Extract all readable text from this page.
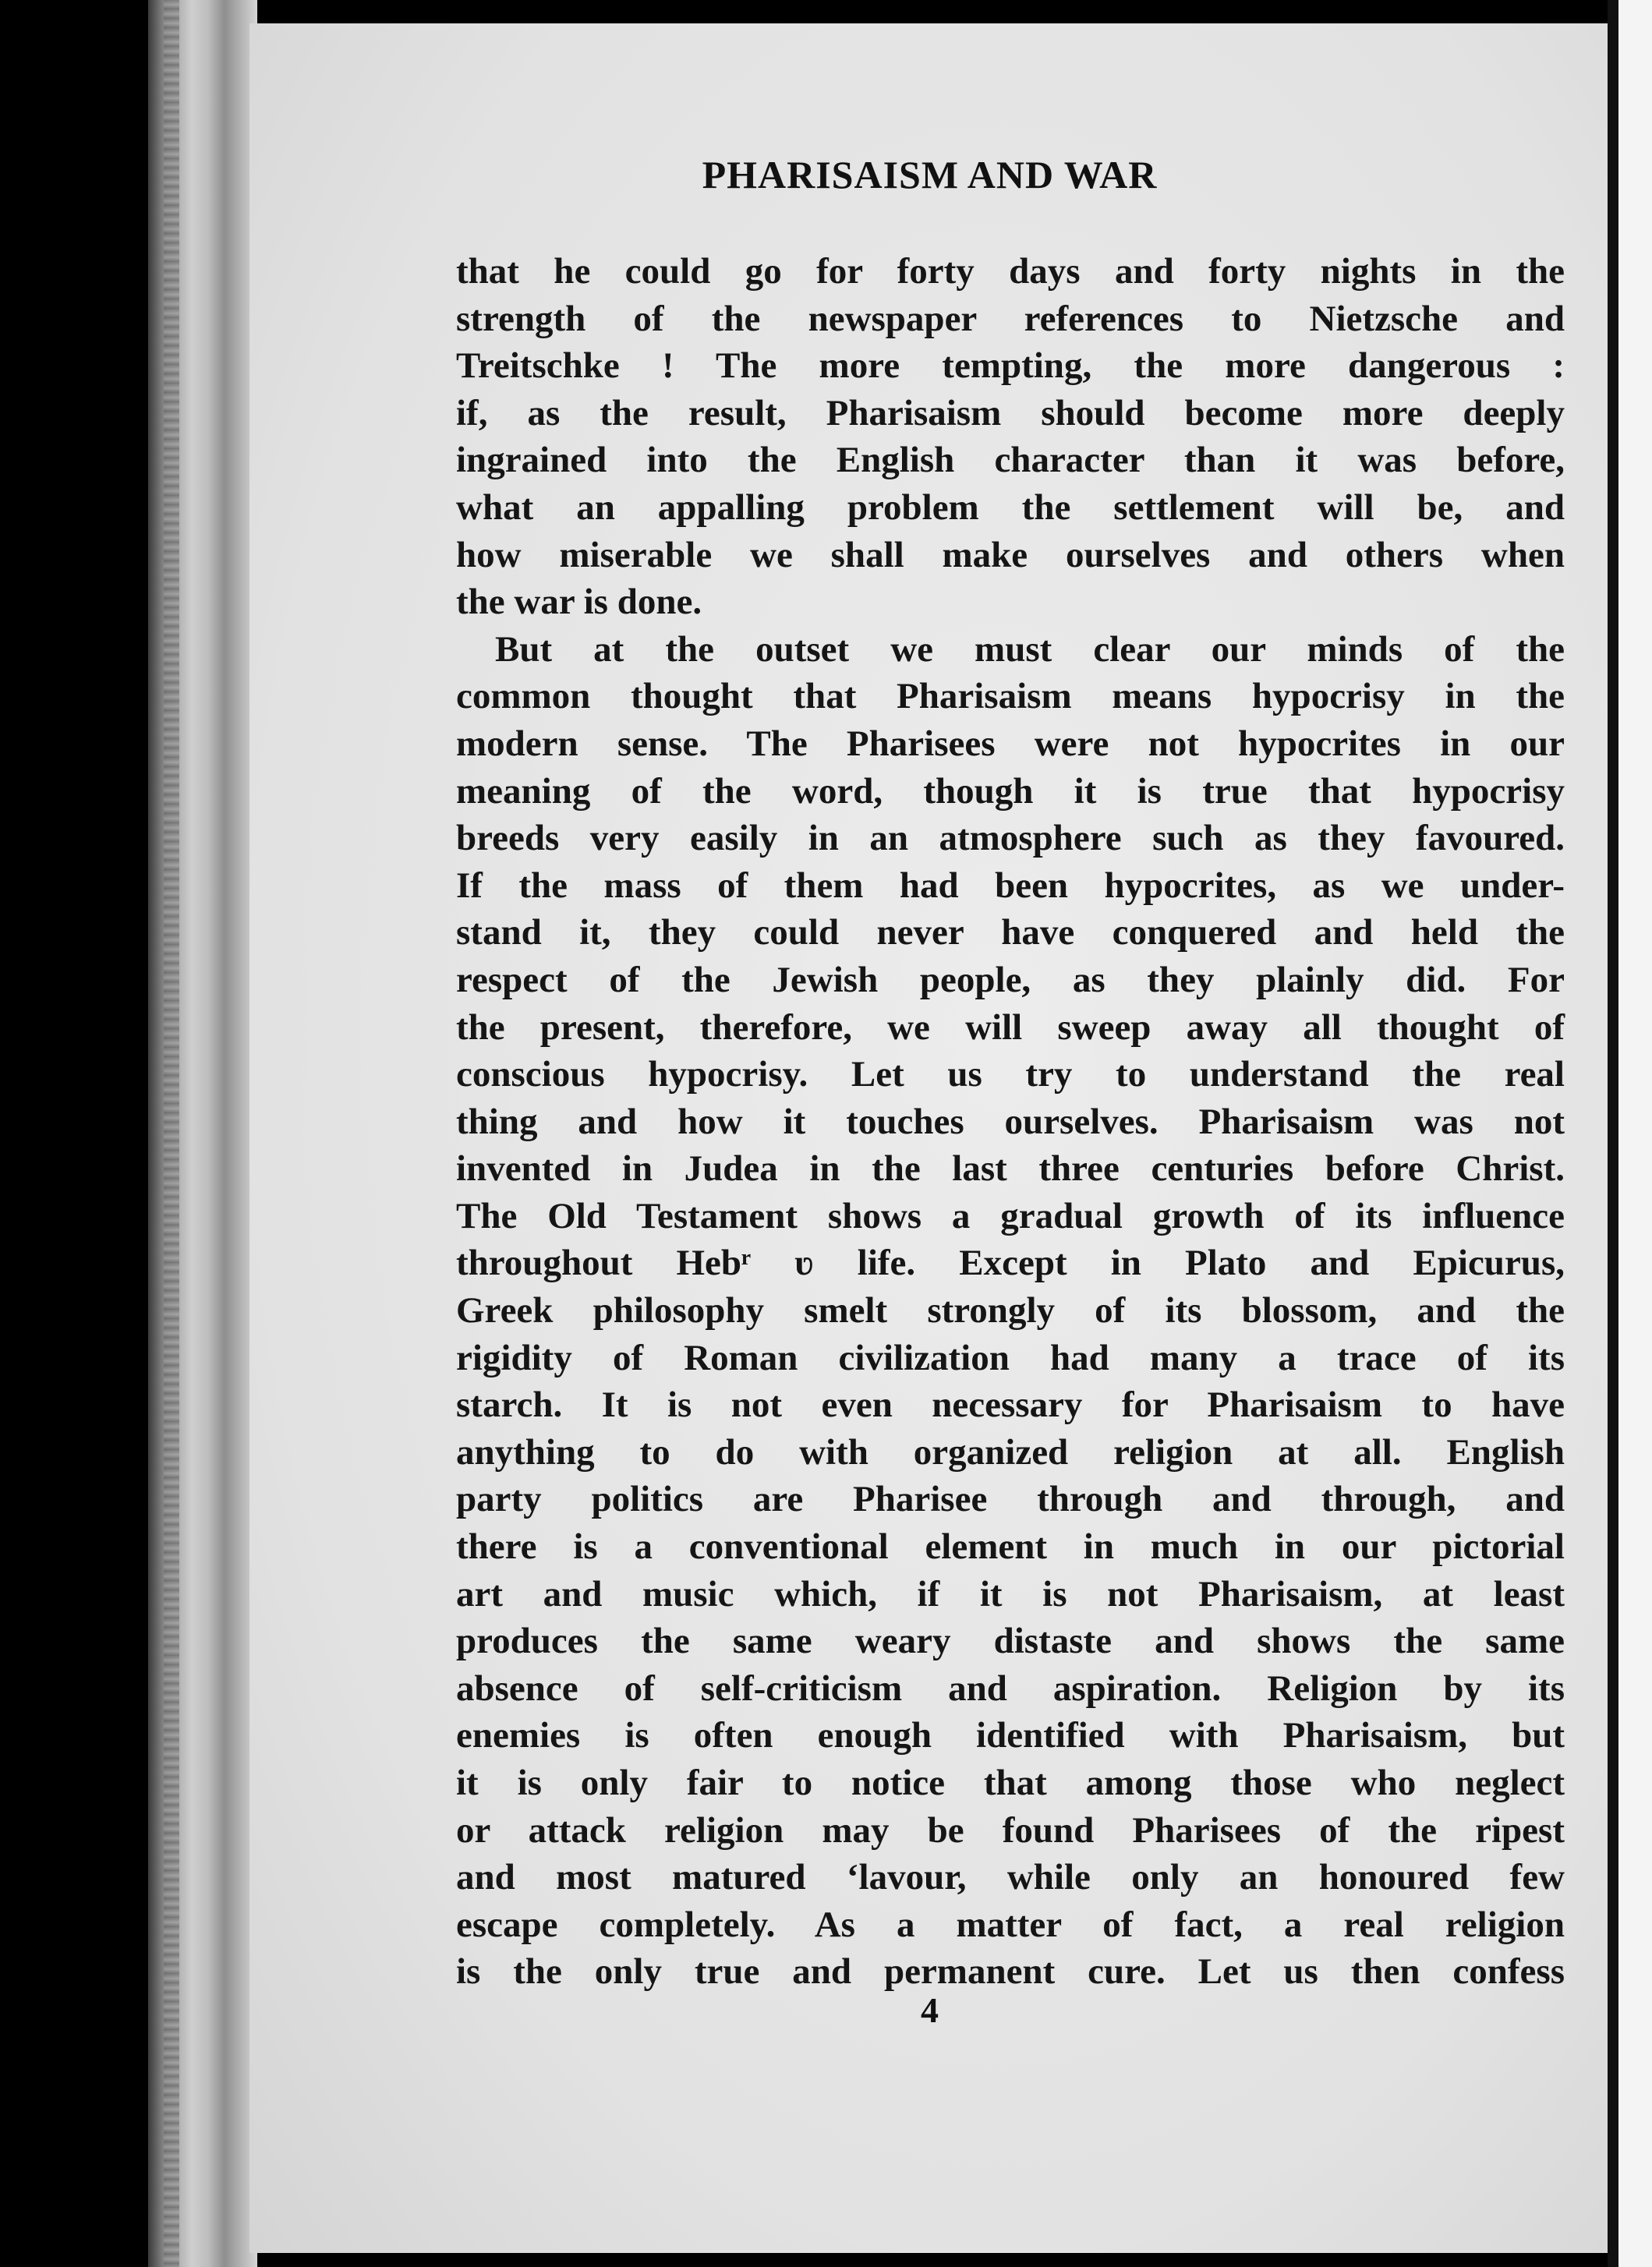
PHARISAISM AND WAR
that he could go for forty days and forty nights in the
strength of the newspaper references to Nietzsche and
Treitschke ! The more tempting, the more dangerous :
if, as the result, Pharisaism should become more deeply
ingrained into the English character than it was before,
what an appalling problem the settlement will be, and
how miserable we shall make ourselves and others when
the war is done.
But at the outset we must clear our minds of the
common thought that Pharisaism means hypocrisy in the
modern sense. The Pharisees were not hypocrites in our
meaning of the word, though it is true that hypocrisy
breeds very easily in an atmosphere such as they favoured.
If the mass of them had been hypocrites, as we under-
stand it, they could never have conquered and held the
respect of the Jewish people, as they plainly did. For
the present, therefore, we will sweep away all thought of
conscious hypocrisy. Let us try to understand the real
thing and how it touches ourselves. Pharisaism was not
invented in Judea in the last three centuries before Christ.
The Old Testament shows a gradual growth of its influence
throughout Hebʳ ʋ life. Except in Plato and Epicurus,
Greek philosophy smelt strongly of its blossom, and the
rigidity of Roman civilization had many a trace of its
starch. It is not even necessary for Pharisaism to have
anything to do with organized religion at all. English
party politics are Pharisee through and through, and
there is a conventional element in much in our pictorial
art and music which, if it is not Pharisaism, at least
produces the same weary distaste and shows the same
absence of self-criticism and aspiration. Religion by its
enemies is often enough identified with Pharisaism, but
it is only fair to notice that among those who neglect
or attack religion may be found Pharisees of the ripest
and most matured ‘lavour, while only an honoured few
escape completely. As a matter of fact, a real religion
is the only true and permanent cure. Let us then confess
4
